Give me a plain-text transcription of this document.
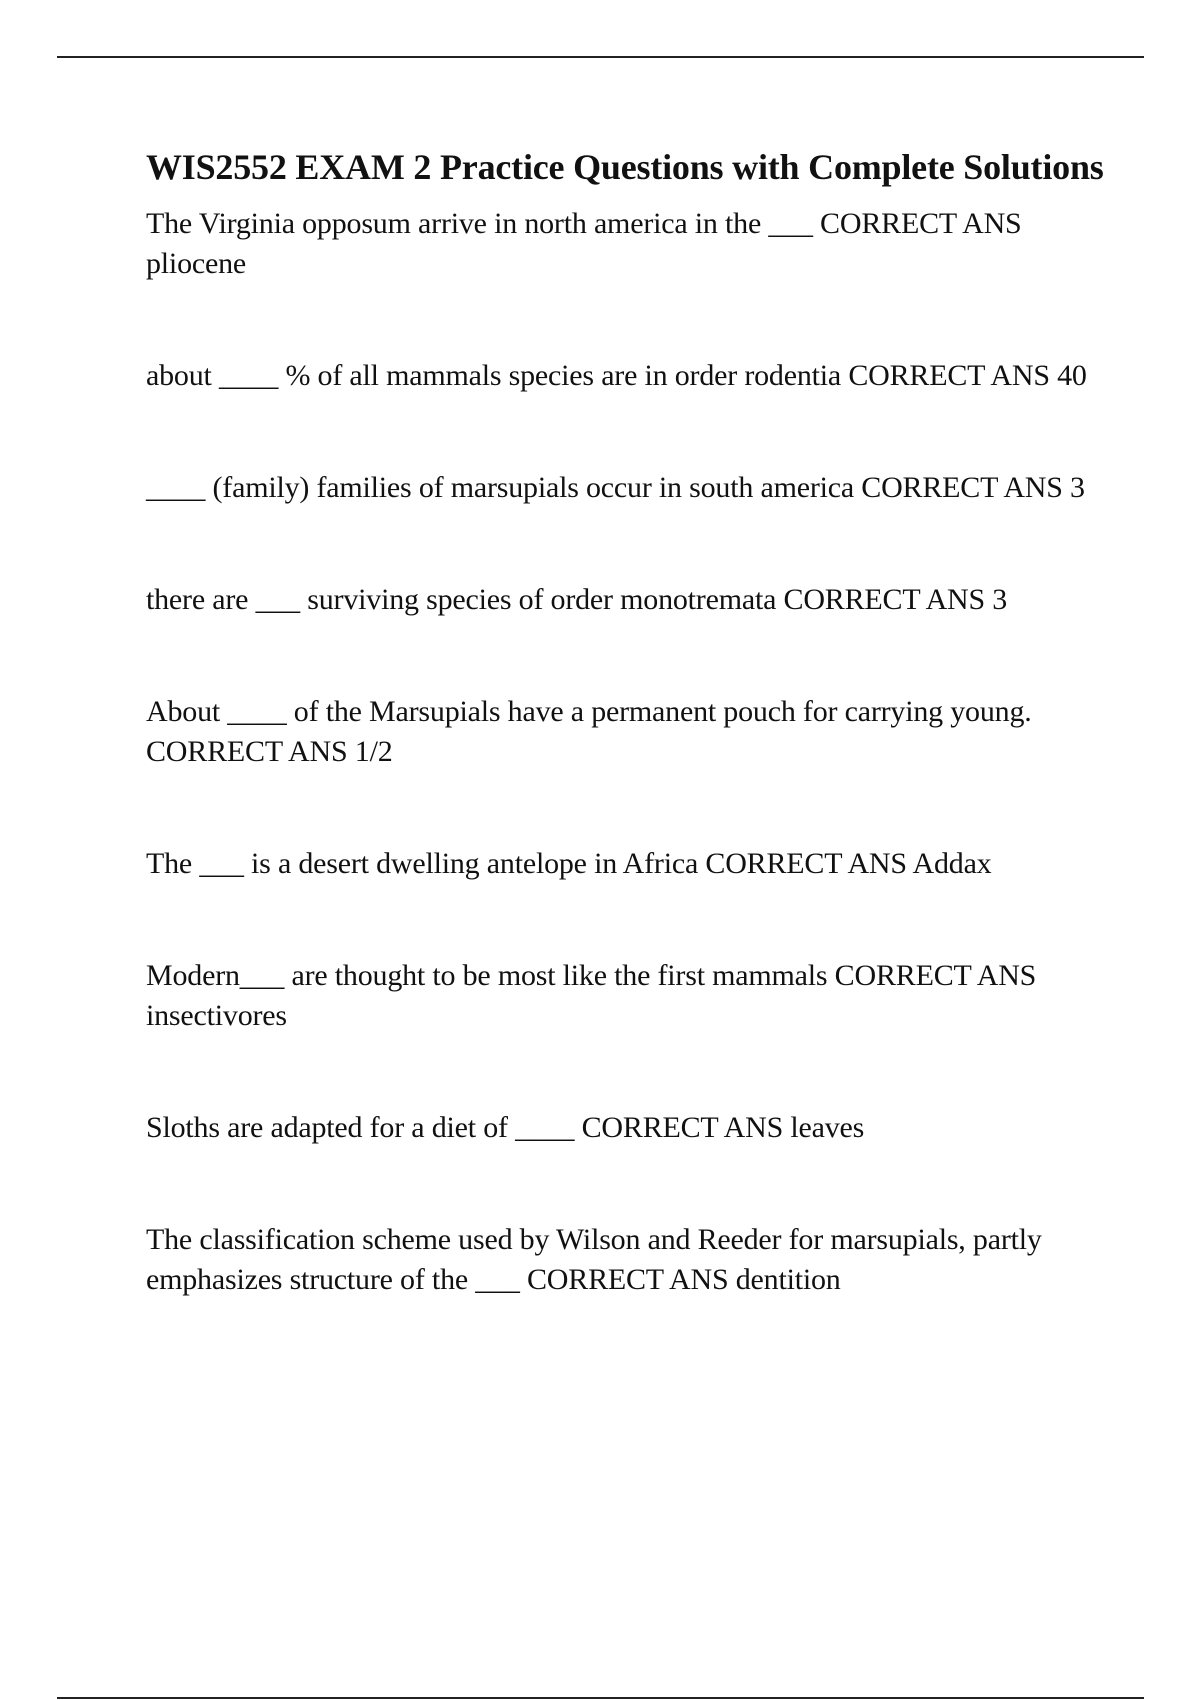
WIS2552 EXAM 2 Practice Questions with Complete Solutions

The Virginia opposum arrive in north america in the ___ CORRECT ANS pliocene

about ____ % of all mammals species are in order rodentia CORRECT ANS 40

____ (family) families of marsupials occur in south america CORRECT ANS 3

there are ___ surviving species of order monotremata CORRECT ANS 3

About ____ of the Marsupials have a permanent pouch for carrying young. CORRECT ANS 1/2

The ___ is a desert dwelling antelope in Africa CORRECT ANS Addax

Modern___ are thought to be most like the first mammals CORRECT ANS insectivores

Sloths are adapted for a diet of ____ CORRECT ANS leaves

The classification scheme used by Wilson and Reeder for marsupials, partly emphasizes structure of the ___ CORRECT ANS dentition
